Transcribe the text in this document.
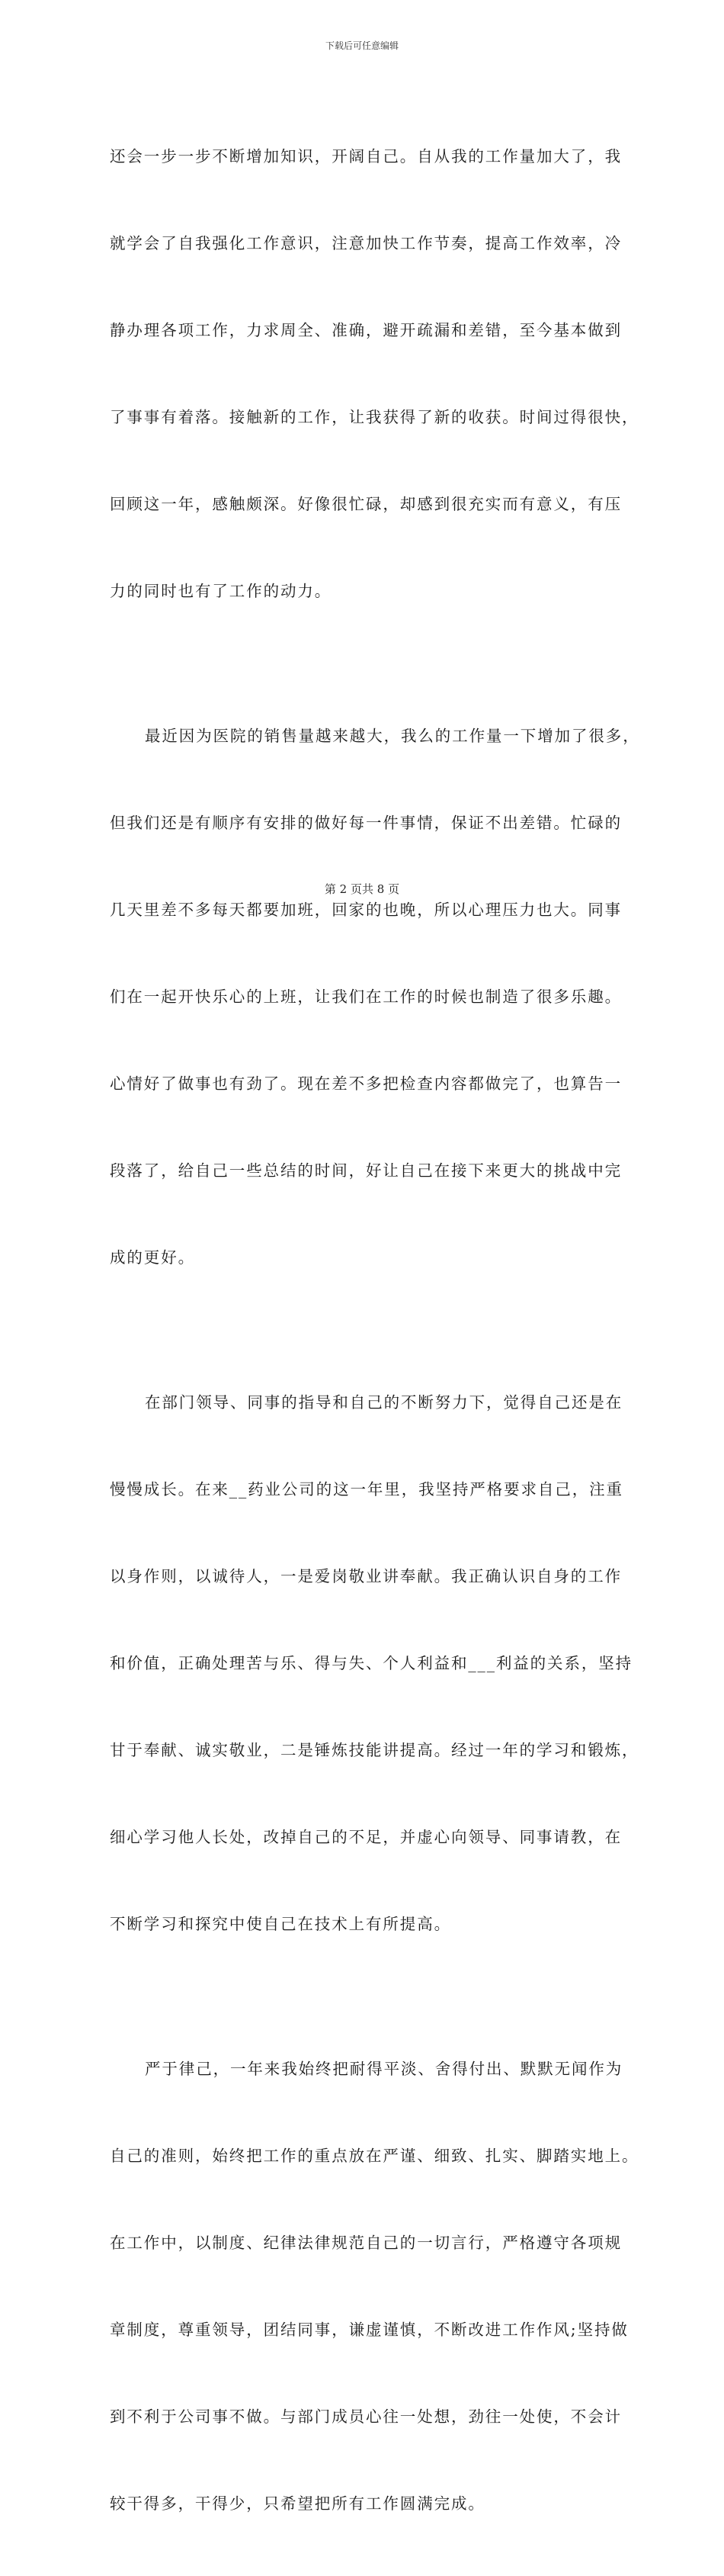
下载后可任意编辑

还会一步一步不断增加知识，开阔自己。自从我的工作量加大了，我

就学会了自我强化工作意识，注意加快工作节奏，提高工作效率，冷

静办理各项工作，力求周全、准确，避开疏漏和差错，至今基本做到

了事事有着落。接触新的工作，让我获得了新的收获。时间过得很快，

回顾这一年，感触颇深。好像很忙碌，却感到很充实而有意义，有压

力的同时也有了工作的动力。

最近因为医院的销售量越来越大，我么的工作量一下增加了很多，

但我们还是有顺序有安排的做好每一件事情，保证不出差错。忙碌的

几天里差不多每天都要加班，回家的也晚，所以心理压力也大。同事

们在一起开快乐心的上班，让我们在工作的时候也制造了很多乐趣。

心情好了做事也有劲了。现在差不多把检查内容都做完了，也算告一

段落了，给自己一些总结的时间，好让自己在接下来更大的挑战中完

成的更好。

在部门领导、同事的指导和自己的不断努力下，觉得自己还是在

慢慢成长。在来__药业公司的这一年里，我坚持严格要求自己，注重

以身作则，以诚待人，一是爱岗敬业讲奉献。我正确认识自身的工作

和价值，正确处理苦与乐、得与失、个人利益和___利益的关系，坚持

甘于奉献、诚实敬业，二是锤炼技能讲提高。经过一年的学习和锻炼，

细心学习他人长处，改掉自己的不足，并虚心向领导、同事请教，在

不断学习和探究中使自己在技术上有所提高。

严于律己，一年来我始终把耐得平淡、舍得付出、默默无闻作为

自己的准则，始终把工作的重点放在严谨、细致、扎实、脚踏实地上。

在工作中，以制度、纪律法律规范自己的一切言行，严格遵守各项规

章制度，尊重领导，团结同事，谦虚谨慎，不断改进工作作风;坚持做

到不利于公司事不做。与部门成员心往一处想，劲往一处使，不会计

较干得多，干得少，只希望把所有工作圆满完成。

第 2 页共 8 页
